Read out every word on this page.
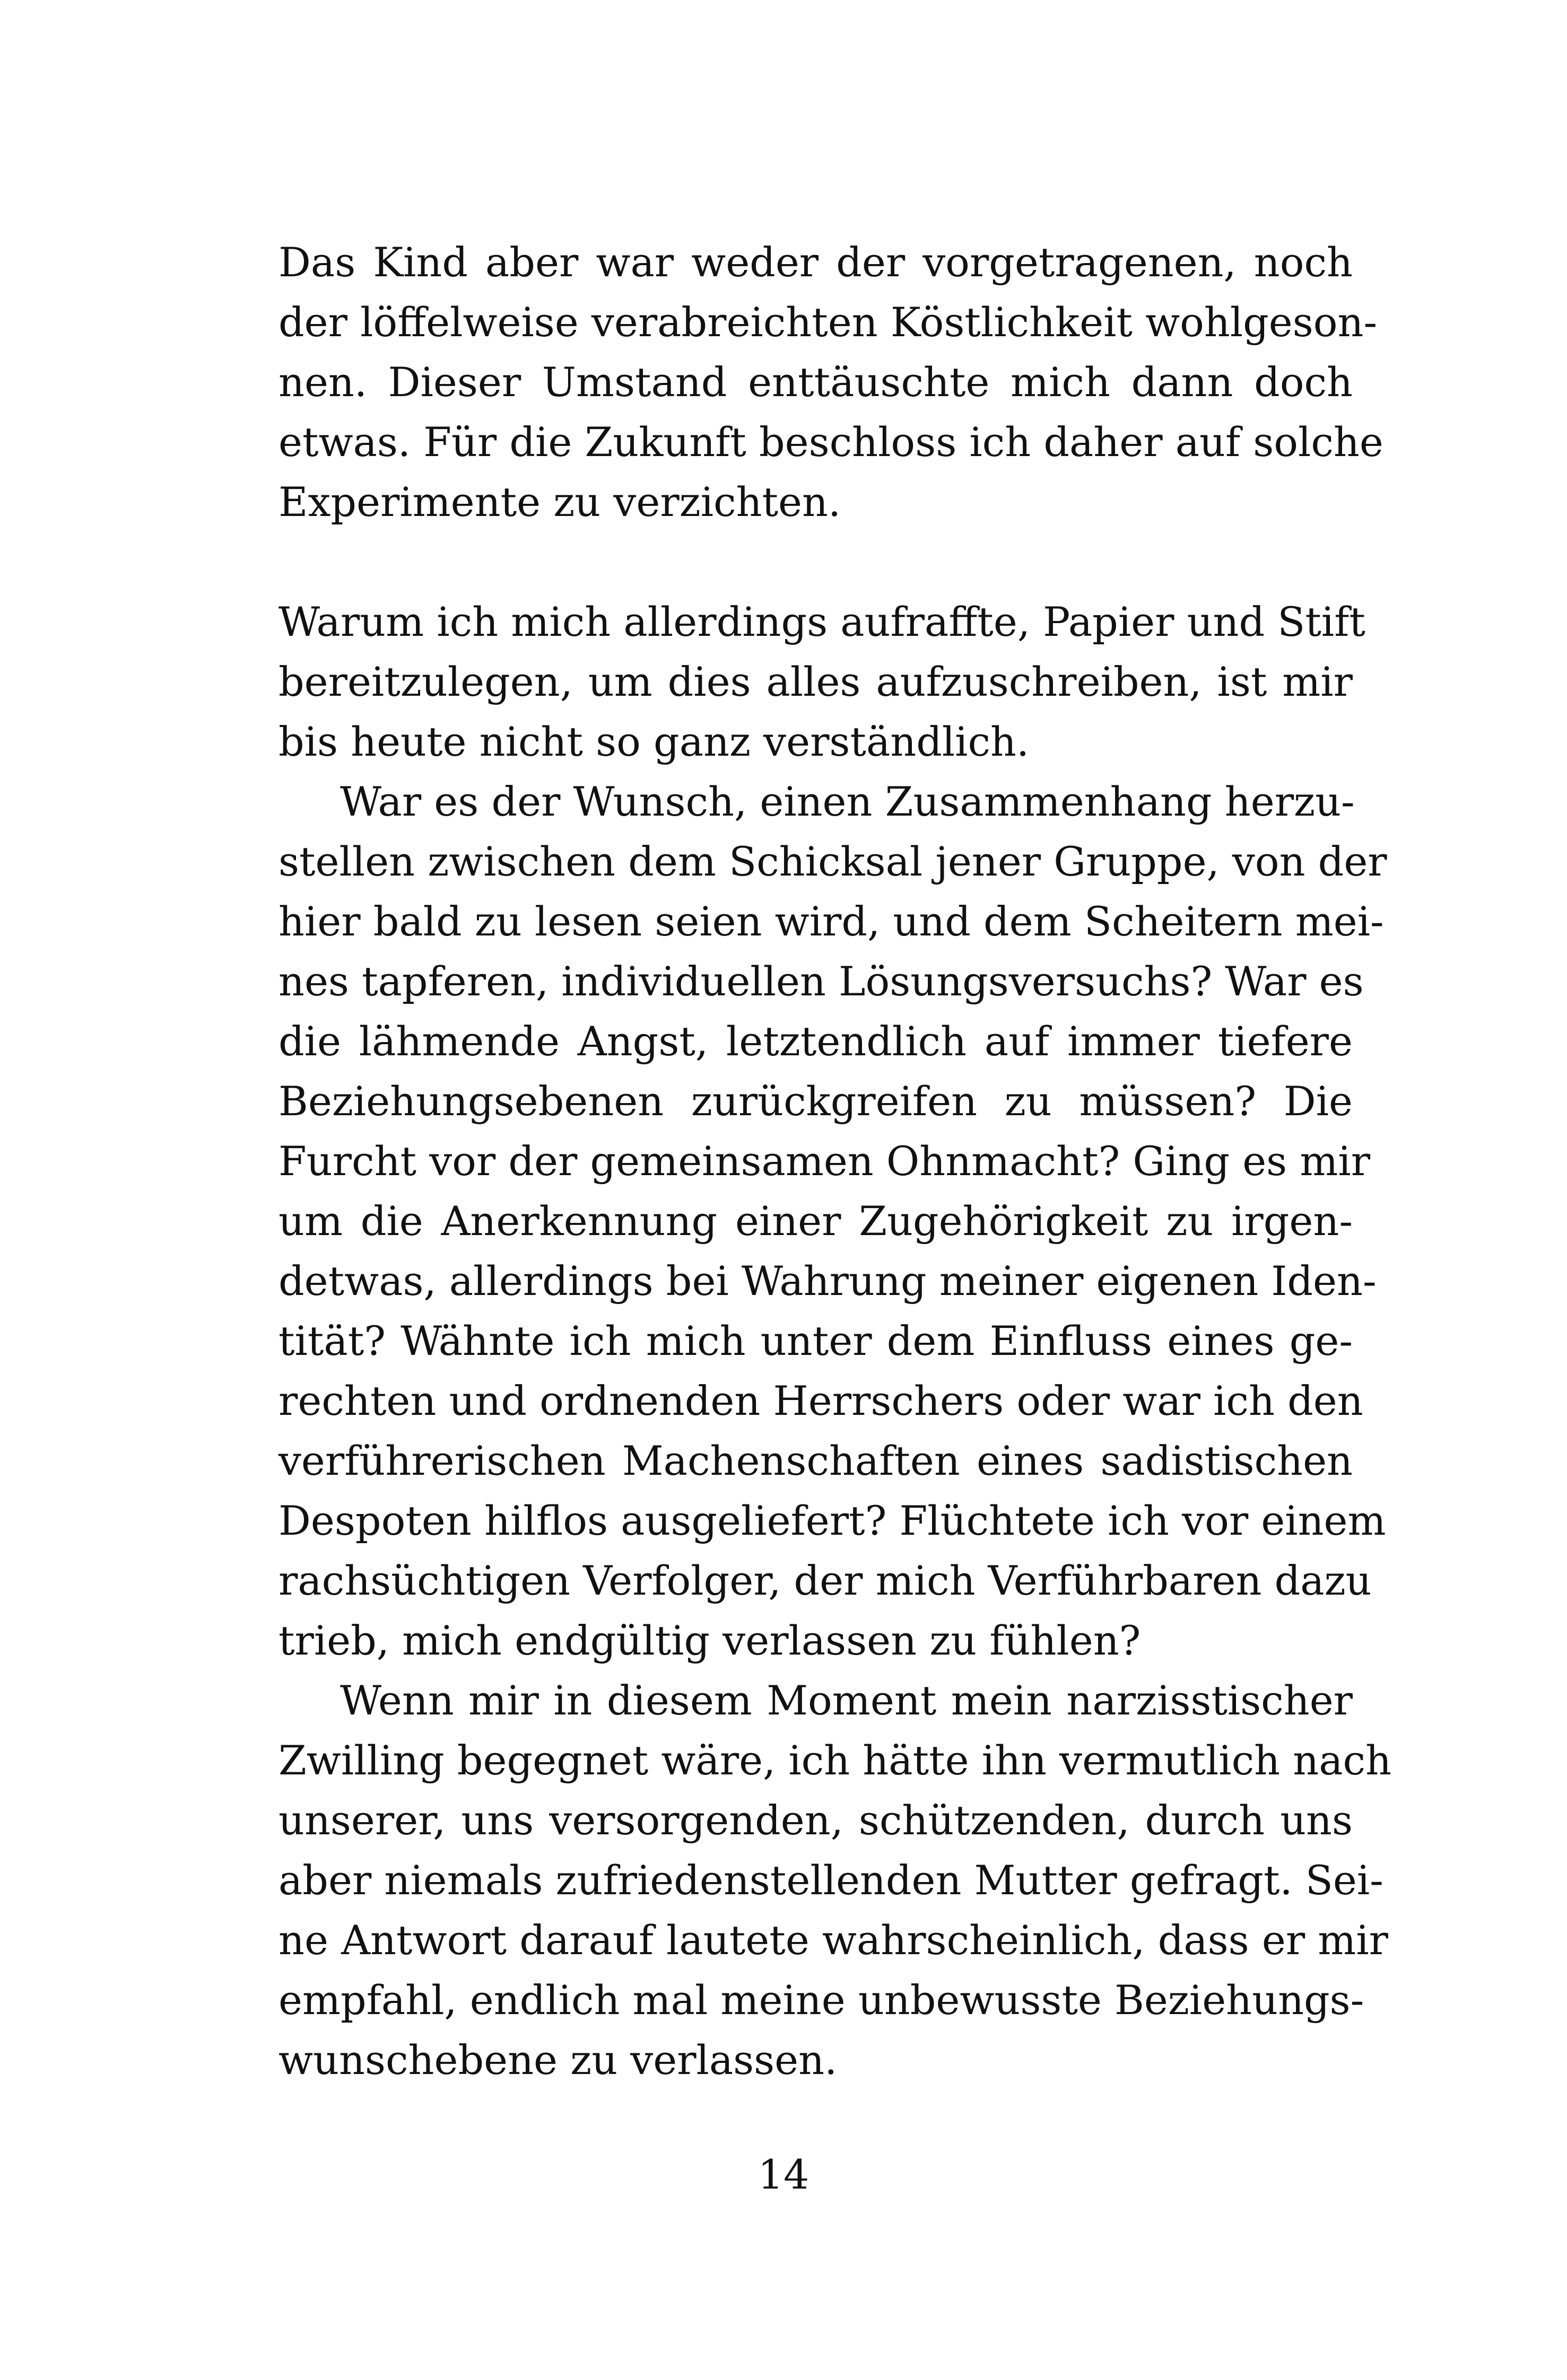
Das Kind aber war weder der vorgetragenen, noch
der löffelweise verabreichten Köstlichkeit wohlgeson-
nen. Dieser Umstand enttäuschte mich dann doch
etwas. Für die Zukunft beschloss ich daher auf solche
Experimente zu verzichten.
Warum ich mich allerdings aufraffte, Papier und Stift
bereitzulegen, um dies alles aufzuschreiben, ist mir
bis heute nicht so ganz verständlich.
War es der Wunsch, einen Zusammenhang herzu-
stellen zwischen dem Schicksal jener Gruppe, von der
hier bald zu lesen seien wird, und dem Scheitern mei-
nes tapferen, individuellen Lösungsversuchs? War es
die lähmende Angst, letztendlich auf immer tiefere
Beziehungsebenen zurückgreifen zu müssen? Die
Furcht vor der gemeinsamen Ohnmacht? Ging es mir
um die Anerkennung einer Zugehörigkeit zu irgen-
detwas, allerdings bei Wahrung meiner eigenen Iden-
tität? Wähnte ich mich unter dem Einfluss eines ge-
rechten und ordnenden Herrschers oder war ich den
verführerischen Machenschaften eines sadistischen
Despoten hilflos ausgeliefert? Flüchtete ich vor einem
rachsüchtigen Verfolger, der mich Verführbaren dazu
trieb, mich endgültig verlassen zu fühlen?
Wenn mir in diesem Moment mein narzisstischer
Zwilling begegnet wäre, ich hätte ihn vermutlich nach
unserer, uns versorgenden, schützenden, durch uns
aber niemals zufriedenstellenden Mutter gefragt. Sei-
ne Antwort darauf lautete wahrscheinlich, dass er mir
empfahl, endlich mal meine unbewusste Beziehungs-
wunschebene zu verlassen.
14
